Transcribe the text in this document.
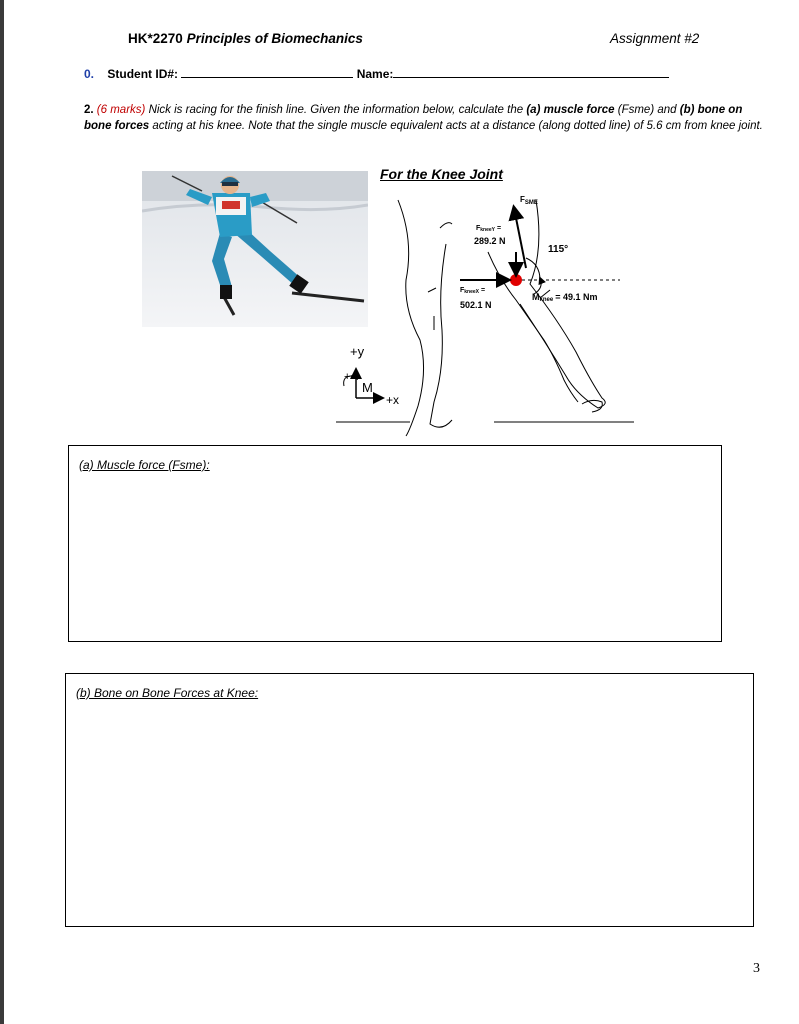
HK*2270 Principles of Biomechanics	Assignment #2
0. Student ID#:	Name:
2. (6 marks) Nick is racing for the finish line. Given the information below, calculate the (a) muscle force (Fsme) and (b) bone on bone forces acting at his knee. Note that the single muscle equivalent acts at a distance (along dotted line) of 5.6 cm from knee joint.
For the Knee Joint
$F_{SME}$
FkneeY =
289.2 N
115°
FkneeX =
502.1 N
Mknee = 49.1 Nm
+y
+x
+
M
(a) Muscle force (Fsme):
(b) Bone on Bone Forces at Knee:
3
